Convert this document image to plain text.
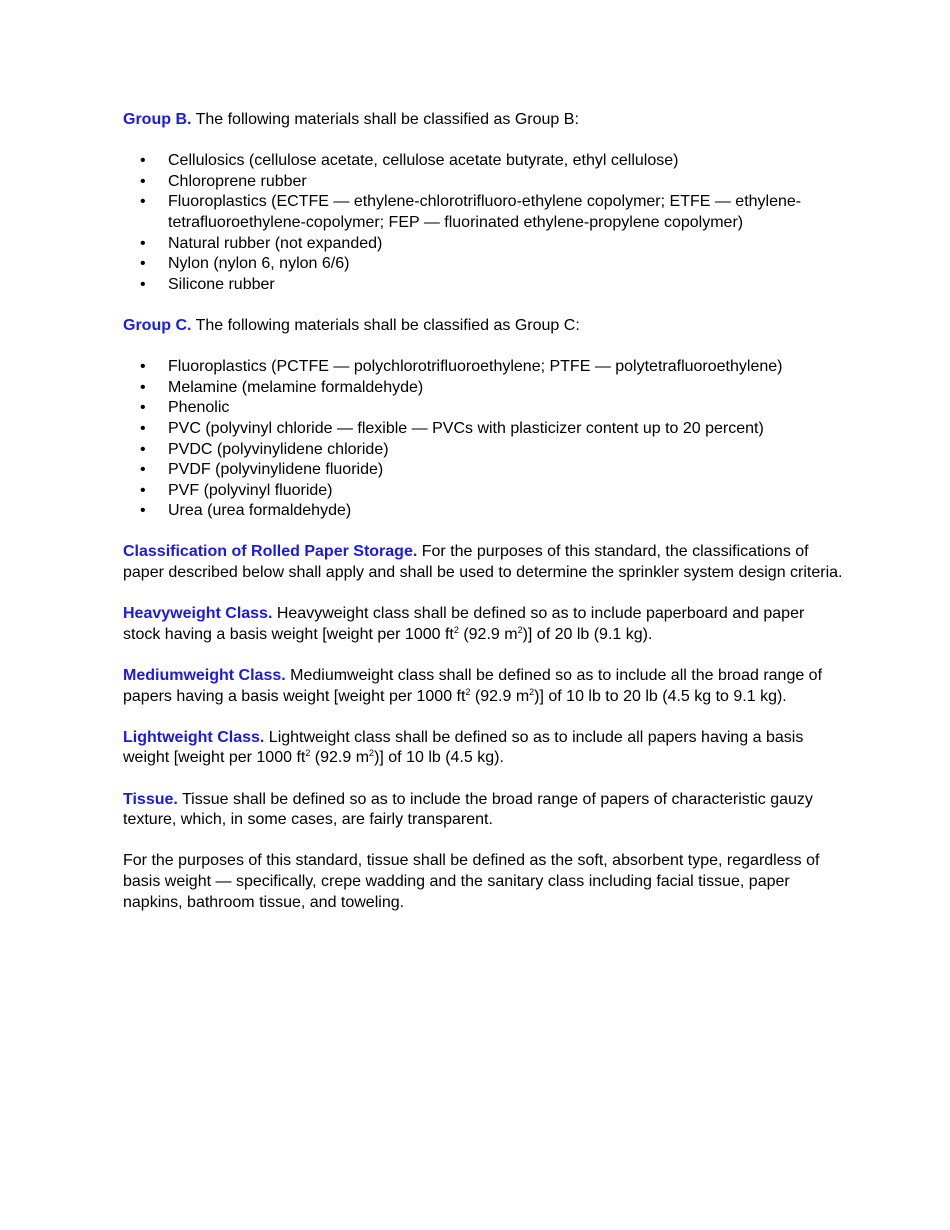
Group B. The following materials shall be classified as Group B:

• Cellulosics (cellulose acetate, cellulose acetate butyrate, ethyl cellulose)
• Chloroprene rubber
• Fluoroplastics (ECTFE — ethylene-chlorotrifluoro-ethylene copolymer; ETFE — ethylene-tetrafluoroethylene-copolymer; FEP — fluorinated ethylene-propylene copolymer)
• Natural rubber (not expanded)
• Nylon (nylon 6, nylon 6/6)
• Silicone rubber

Group C. The following materials shall be classified as Group C:

• Fluoroplastics (PCTFE — polychlorotrifluoroethylene; PTFE — polytetrafluoroethylene)
• Melamine (melamine formaldehyde)
• Phenolic
• PVC (polyvinyl chloride — flexible — PVCs with plasticizer content up to 20 percent)
• PVDC (polyvinylidene chloride)
• PVDF (polyvinylidene fluoride)
• PVF (polyvinyl fluoride)
• Urea (urea formaldehyde)

Classification of Rolled Paper Storage. For the purposes of this standard, the classifications of paper described below shall apply and shall be used to determine the sprinkler system design criteria.

Heavyweight Class. Heavyweight class shall be defined so as to include paperboard and paper stock having a basis weight [weight per 1000 $ft^2$ (92.9 $m^2$)] of 20 lb (9.1 kg).

Mediumweight Class. Mediumweight class shall be defined so as to include all the broad range of papers having a basis weight [weight per 1000 $ft^2$ (92.9 $m^2$)] of 10 lb to 20 lb (4.5 kg to 9.1 kg).

Lightweight Class. Lightweight class shall be defined so as to include all papers having a basis weight [weight per 1000 $ft^2$ (92.9 $m^2$)] of 10 lb (4.5 kg).

Tissue. Tissue shall be defined so as to include the broad range of papers of characteristic gauzy texture, which, in some cases, are fairly transparent.

For the purposes of this standard, tissue shall be defined as the soft, absorbent type, regardless of basis weight — specifically, crepe wadding and the sanitary class including facial tissue, paper napkins, bathroom tissue, and toweling.
